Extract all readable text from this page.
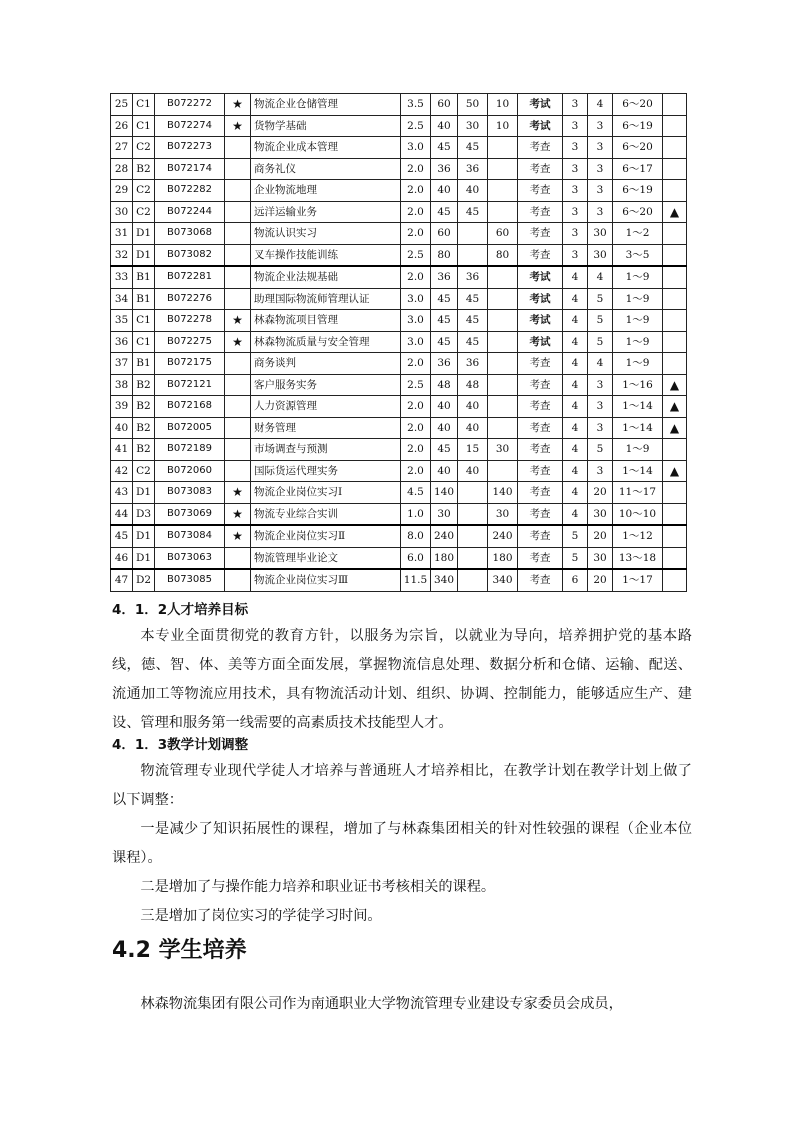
25	C1	B072272	★	物流企业仓储管理	3.5	60	50	10	考试	3	4	6～20	
26	C1	B072274	★	货物学基础	2.5	40	30	10	考试	3	3	6～19	
27	C2	B072273		物流企业成本管理	3.0	45	45		考查	3	3	6～20	
28	B2	B072174		商务礼仪	2.0	36	36		考查	3	3	6～17	
29	C2	B072282		企业物流地理	2.0	40	40		考查	3	3	6～19	
30	C2	B072244		远洋运输业务	2.0	45	45		考查	3	3	6～20	▲
31	D1	B073068		物流认识实习	2.0	60		60	考查	3	30	1～2	
32	D1	B073082		叉车操作技能训练	2.5	80		80	考查	3	30	3～5	
33	B1	B072281		物流企业法规基础	2.0	36	36		考试	4	4	1～9	
34	B1	B072276		助理国际物流师管理认证	3.0	45	45		考试	4	5	1～9	
35	C1	B072278	★	林森物流项目管理	3.0	45	45		考试	4	5	1～9	
36	C1	B072275	★	林森物流质量与安全管理	3.0	45	45		考试	4	5	1～9	
37	B1	B072175		商务谈判	2.0	36	36		考查	4	4	1～9	
38	B2	B072121		客户服务实务	2.5	48	48		考查	4	3	1～16	▲
39	B2	B072168		人力资源管理	2.0	40	40		考查	4	3	1～14	▲
40	B2	B072005		财务管理	2.0	40	40		考查	4	3	1～14	▲
41	B2	B072189		市场调查与预测	2.0	45	15	30	考查	4	5	1～9	
42	C2	B072060		国际货运代理实务	2.0	40	40		考查	4	3	1～14	▲
43	D1	B073083	★	物流企业岗位实习Ⅰ	4.5	140		140	考查	4	20	11～17	
44	D3	B073069	★	物流专业综合实训	1.0	30		30	考查	4	30	10～10	
45	D1	B073084	★	物流企业岗位实习Ⅱ	8.0	240		240	考查	5	20	1～12	
46	D1	B073063		物流管理毕业论文	6.0	180		180	考查	5	30	13～18	
47	D2	B073085		物流企业岗位实习Ⅲ	11.5	340		340	考查	6	20	1～17	
4．1．2人才培养目标

本专业全面贯彻党的教育方针，以服务为宗旨，以就业为导向，培养拥护党的基本路线，德、智、体、美等方面全面发展，掌握物流信息处理、数据分析和仓储、运输、配送、流通加工等物流应用技术，具有物流活动计划、组织、协调、控制能力，能够适应生产、建设、管理和服务第一线需要的高素质技术技能型人才。

4．1．3教学计划调整

物流管理专业现代学徒人才培养与普通班人才培养相比，在教学计划在教学计划上做了以下调整：

一是减少了知识拓展性的课程，增加了与林森集团相关的针对性较强的课程（企业本位课程）。

二是增加了与操作能力培养和职业证书考核相关的课程。

三是增加了岗位实习的学徒学习时间。

4.2 学生培养

林森物流集团有限公司作为南通职业大学物流管理专业建设专家委员会成员，
